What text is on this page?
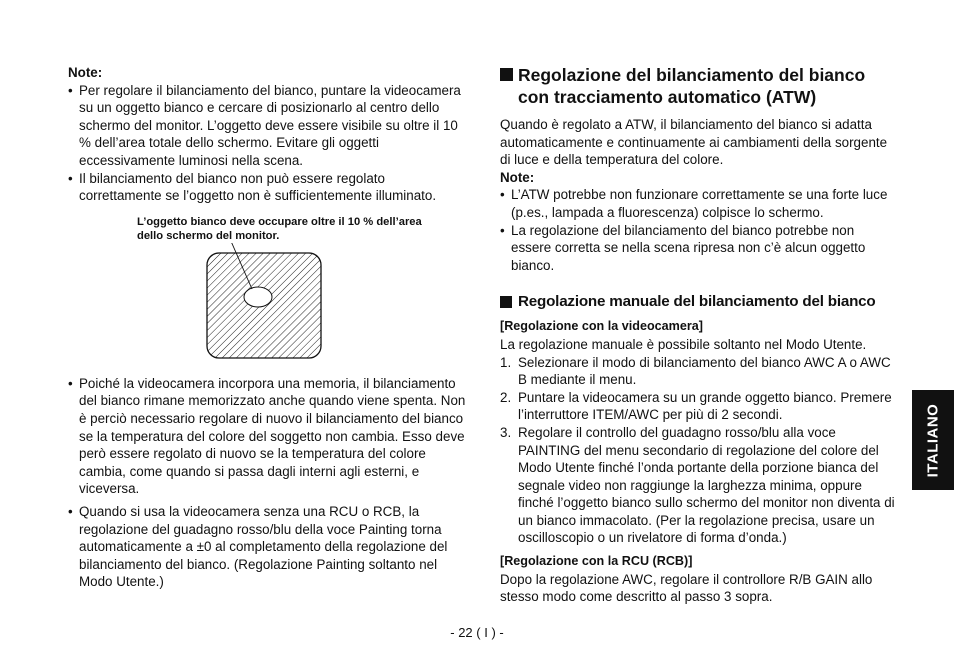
Note:

• Per regolare il bilanciamento del bianco, puntare la videocamera su un oggetto bianco e cercare di posizionarlo al centro dello schermo del monitor. L’oggetto deve essere visibile su oltre il 10 % dell’area totale dello schermo. Evitare gli oggetti eccessivamente luminosi nella scena.

• Il bilanciamento del bianco non può essere regolato correttamente se l’oggetto non è sufficientemente illuminato.

L’oggetto bianco deve occupare oltre il 10 % dell’area dello schermo del monitor.

• Poiché la videocamera incorpora una memoria, il bilanciamento del bianco rimane memorizzato anche quando viene spenta. Non è perciò necessario regolare di nuovo il bilanciamento del bianco se la temperatura del colore del soggetto non cambia. Esso deve però essere regolato di nuovo se la temperatura del colore cambia, come quando si passa dagli interni agli esterni, e viceversa.

• Quando si usa la videocamera senza una RCU o RCB, la regolazione del guadagno rosso/blu della voce Painting torna automaticamente a ±0 al completamento della regolazione del bilanciamento del bianco. (Regolazione Painting soltanto nel Modo Utente.)

Regolazione del bilanciamento del bianco con tracciamento automatico (ATW)

Quando è regolato a ATW, il bilanciamento del bianco si adatta automaticamente e continuamente ai cambiamenti della sorgente di luce e della temperatura del colore.

Note:

• L’ATW potrebbe non funzionare correttamente se una forte luce (p.es., lampada a fluorescenza) colpisce lo schermo.

• La regolazione del bilanciamento del bianco potrebbe non essere corretta se nella scena ripresa non c’è alcun oggetto bianco.

Regolazione manuale del bilanciamento del bianco

[Regolazione con la videocamera]

La regolazione manuale è possibile soltanto nel Modo Utente.

1. Selezionare il modo di bilanciamento del bianco AWC A o AWC B mediante il menu.
2. Puntare la videocamera su un grande oggetto bianco. Premere l’interruttore ITEM/AWC per più di 2 secondi.
3. Regolare il controllo del guadagno rosso/blu alla voce PAINTING del menu secondario di regolazione del colore del Modo Utente finché l’onda portante della porzione bianca del segnale video non raggiunge la larghezza minima, oppure finché l’oggetto bianco sullo schermo del monitor non diventa di un bianco immacolato. (Per la regolazione precisa, usare un oscilloscopio o un rivelatore di forma d’onda.)

[Regolazione con la RCU (RCB)]

Dopo la regolazione AWC, regolare il controllore R/B GAIN allo stesso modo come descritto al passo 3 sopra.

ITALIANO
- 22 ( I ) -
